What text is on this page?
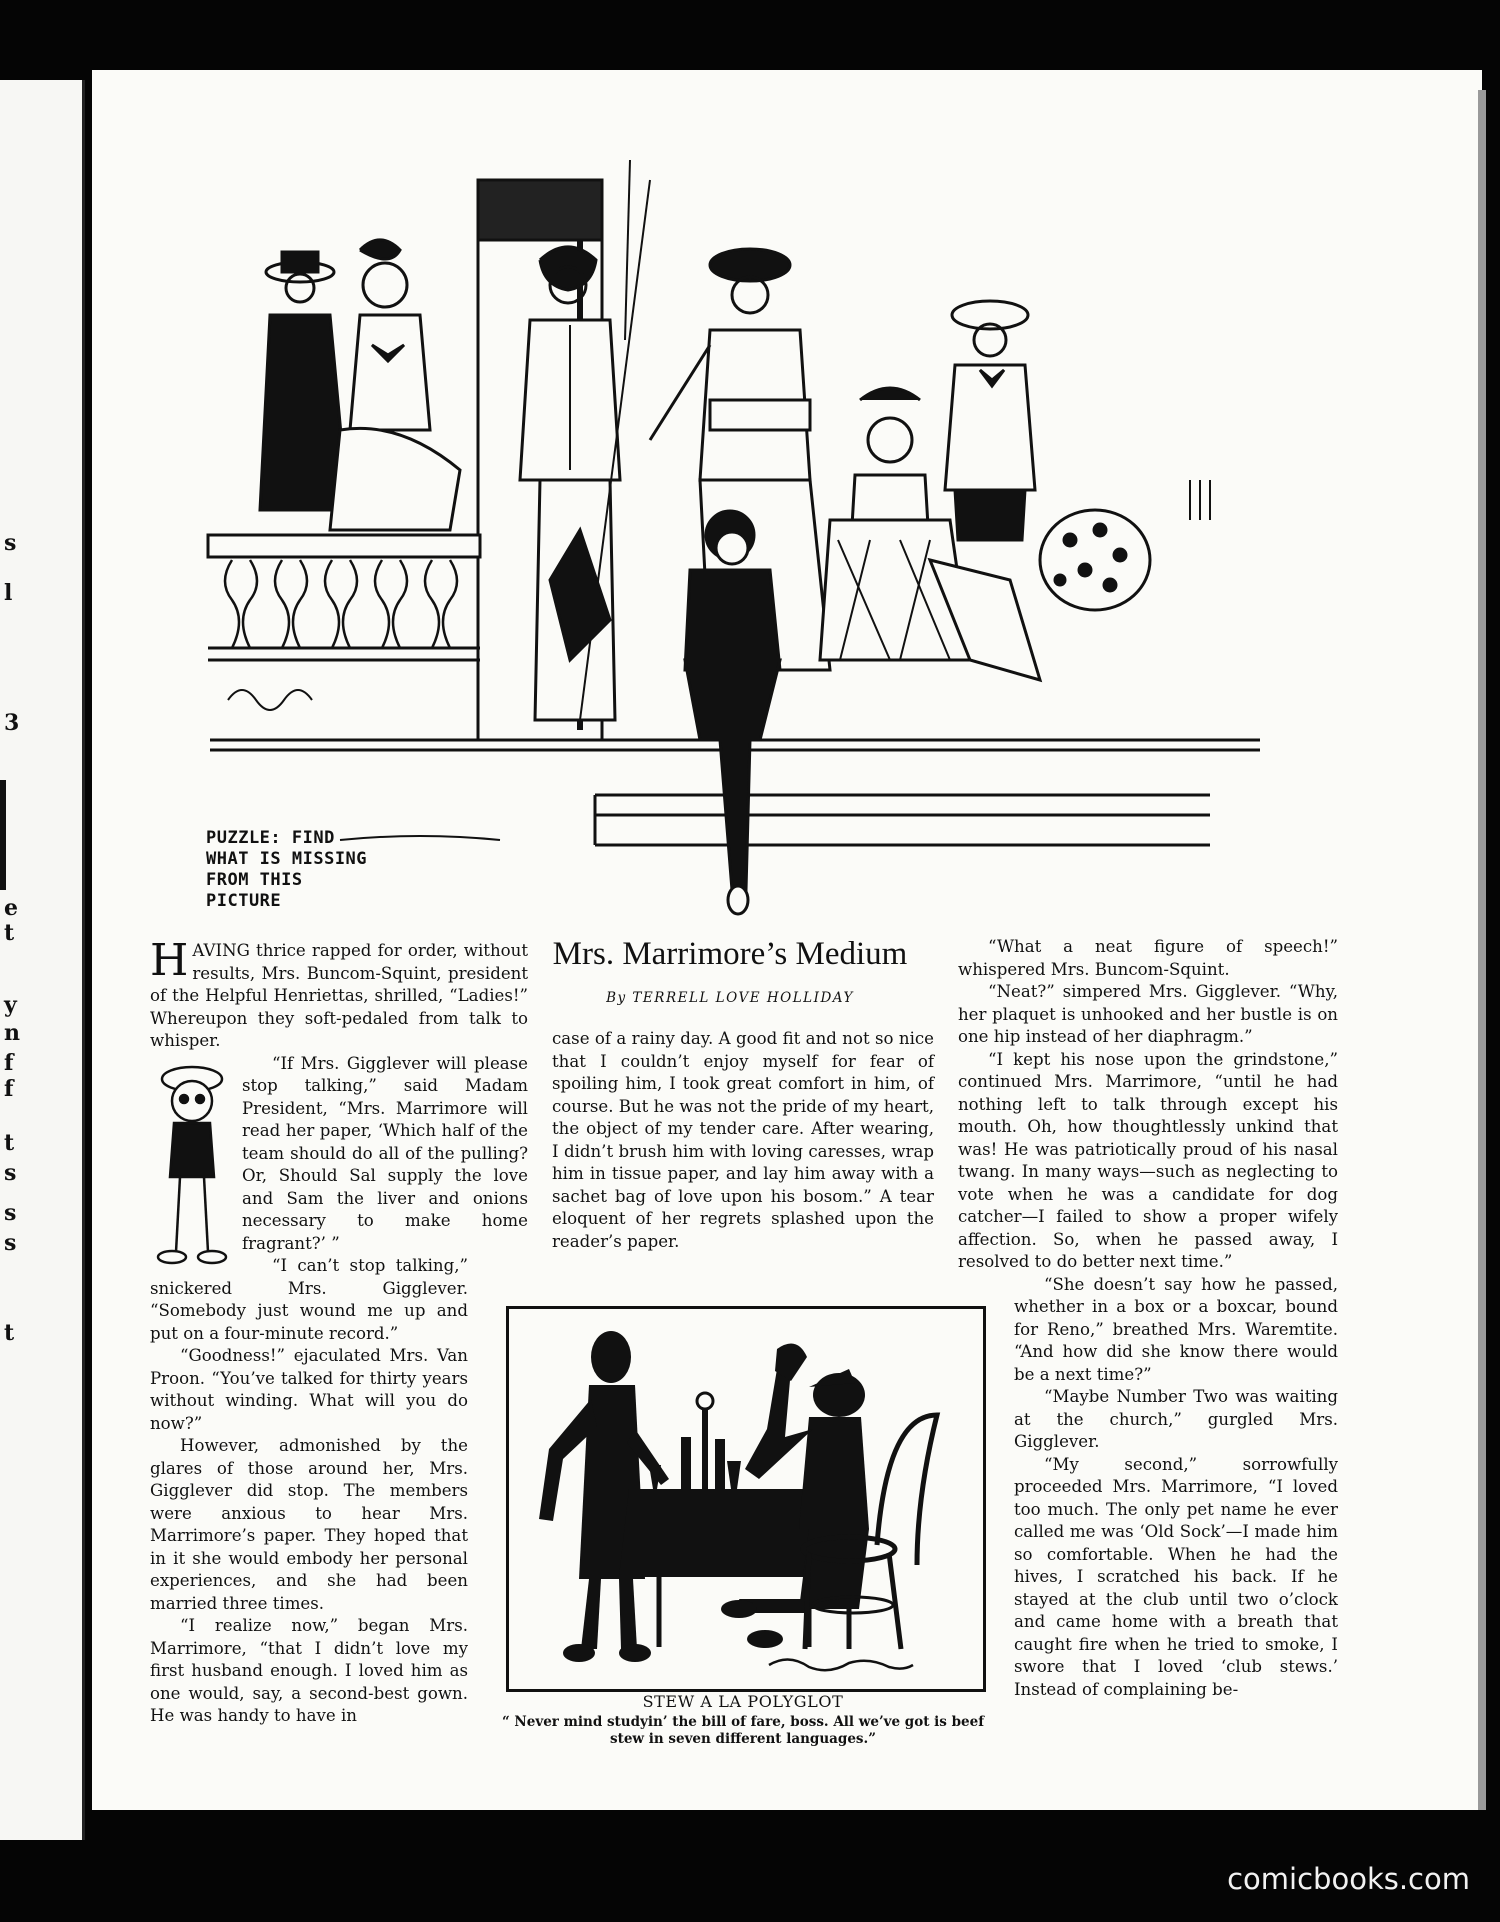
s
l
3
e
t
y
n
f
f
t
s
s
s
t
PUZZLE: FIND
WHAT IS MISSING
FROM THIS
PICTURE
Mrs. Marrimore’s Medium
By TERRELL LOVE HOLLIDAY

HAVING thrice rapped for order, without results, Mrs. Buncom-Squint, president of the Helpful Henriettas, shrilled, “Ladies!” Whereupon they soft-pedaled from talk to whisper.

“If Mrs. Gigglever will please stop talking,” said Madam President, “Mrs. Marrimore will read her paper, ‘Which half of the team should do all of the pulling? Or, Should Sal supply the love and Sam the liver and onions necessary to make home fragrant?’ ”

“I can’t stop talking,” snickered Mrs. Gigglever. “Somebody just wound me up and put on a four-minute record.”

“Goodness!” ejaculated Mrs. Van Proon. “You’ve talked for thirty years without winding. What will you do now?”

However, admonished by the glares of those around her, Mrs. Gigglever did stop. The members were anxious to hear Mrs. Marrimore’s paper. They hoped that in it she would embody her personal experiences, and she had been married three times.

“I realize now,” began Mrs. Marrimore, “that I didn’t love my first husband enough. I loved him as one would, say, a second-best gown. He was handy to have in

case of a rainy day. A good fit and not so nice that I couldn’t enjoy myself for fear of spoiling him, I took great comfort in him, of course. But he was not the pride of my heart, the object of my tender care. After wearing, I didn’t brush him with loving caresses, wrap him in tissue paper, and lay him away with a sachet bag of love upon his bosom.” A tear eloquent of her regrets splashed upon the reader’s paper.

“What a neat figure of speech!” whispered Mrs. Buncom-Squint.

“Neat?” simpered Mrs. Gigglever. “Why, her plaquet is unhooked and her bustle is on one hip instead of her diaphragm.”

“I kept his nose upon the grindstone,” continued Mrs. Marrimore, “until he had nothing left to talk through except his mouth. Oh, how thoughtlessly unkind that was! He was patriotically proud of his nasal twang. In many ways—such as neglecting to vote when he was a candidate for dog catcher—I failed to show a proper wifely affection. So, when he passed away, I resolved to do better next time.”

“She doesn’t say how he passed, whether in a box or a boxcar, bound for Reno,” breathed Mrs. Waremtite. “And how did she know there would be a next time?”

“Maybe Number Two was waiting at the church,” gurgled Mrs. Gigglever.

“My second,” sorrowfully proceeded Mrs. Marrimore, “I loved too much. The only pet name he ever called me was ‘Old Sock’—I made him so comfortable. When he had the hives, I scratched his back. If he stayed at the club until two o’clock and came home with a breath that caught fire when he tried to smoke, I swore that I loved ‘club stews.’ Instead of complaining be-

STEW A LA POLYGLOT
“ Never mind studyin’ the bill of fare, boss. All we’ve got is beef stew in seven different languages.”
comicbooks.com
